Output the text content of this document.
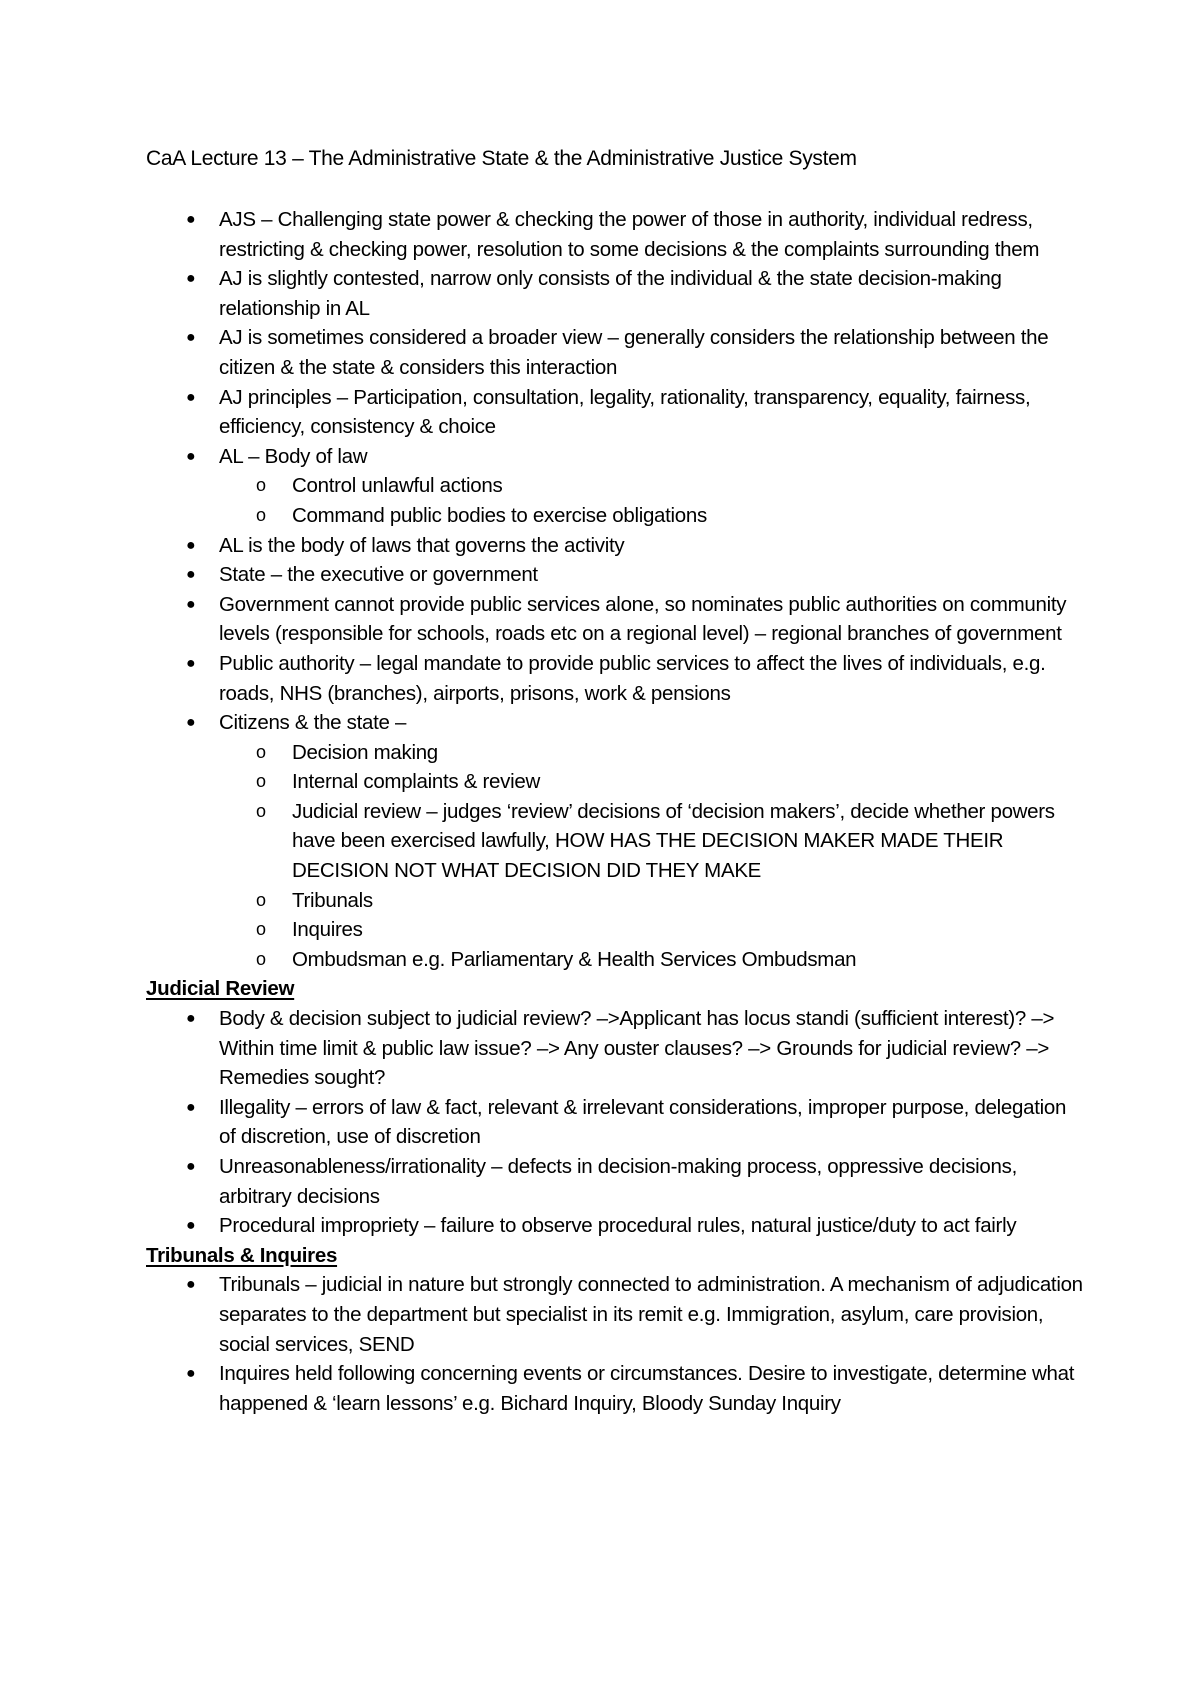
CaA Lecture 13 – The Administrative State & the Administrative Justice System
● AJS – Challenging state power & checking the power of those in authority, individual redress, restricting & checking power, resolution to some decisions & the complaints surrounding them
● AJ is slightly contested, narrow only consists of the individual & the state decision-making relationship in AL
● AJ is sometimes considered a broader view – generally considers the relationship between the citizen & the state & considers this interaction
● AJ principles – Participation, consultation, legality, rationality, transparency, equality, fairness, efficiency, consistency & choice
● AL – Body of law
o Control unlawful actions
o Command public bodies to exercise obligations
● AL is the body of laws that governs the activity
● State – the executive or government
● Government cannot provide public services alone, so nominates public authorities on community levels (responsible for schools, roads etc on a regional level) – regional branches of government
● Public authority – legal mandate to provide public services to affect the lives of individuals, e.g. roads, NHS (branches), airports, prisons, work & pensions
● Citizens & the state –
o Decision making
o Internal complaints & review
o Judicial review – judges ‘review’ decisions of ‘decision makers’, decide whether powers have been exercised lawfully, HOW HAS THE DECISION MAKER MADE THEIR DECISION NOT WHAT DECISION DID THEY MAKE
o Tribunals
o Inquires
o Ombudsman e.g. Parliamentary & Health Services Ombudsman
Judicial Review
● Body & decision subject to judicial review? –>Applicant has locus standi (sufficient interest)? –> Within time limit & public law issue? –> Any ouster clauses? –> Grounds for judicial review? –> Remedies sought?
● Illegality – errors of law & fact, relevant & irrelevant considerations, improper purpose, delegation of discretion, use of discretion
● Unreasonableness/irrationality – defects in decision-making process, oppressive decisions, arbitrary decisions
● Procedural impropriety – failure to observe procedural rules, natural justice/duty to act fairly
Tribunals & Inquires
● Tribunals – judicial in nature but strongly connected to administration. A mechanism of adjudication separates to the department but specialist in its remit e.g. Immigration, asylum, care provision, social services, SEND
● Inquires held following concerning events or circumstances. Desire to investigate, determine what happened & ‘learn lessons’ e.g. Bichard Inquiry, Bloody Sunday Inquiry
